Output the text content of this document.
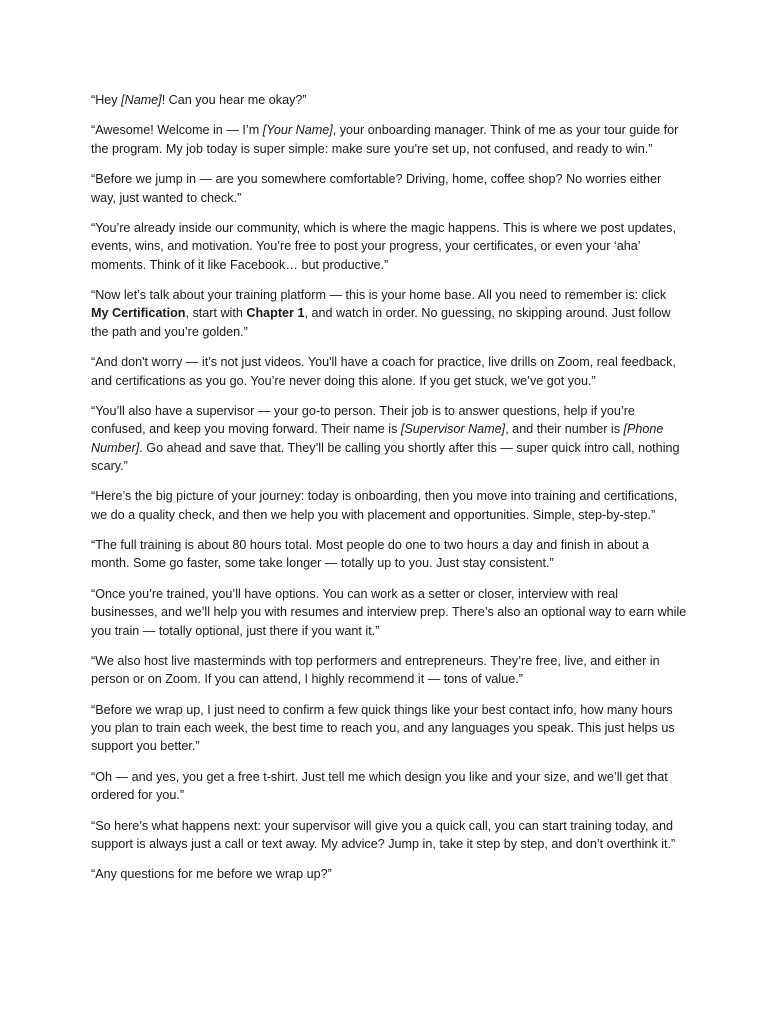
“Hey [Name]! Can you hear me okay?”

“Awesome! Welcome in — I’m [Your Name], your onboarding manager. Think of me as your tour guide for the program. My job today is super simple: make sure you’re set up, not confused, and ready to win.”

“Before we jump in — are you somewhere comfortable? Driving, home, coffee shop? No worries either way, just wanted to check.”

“You’re already inside our community, which is where the magic happens. This is where we post updates, events, wins, and motivation. You’re free to post your progress, your certificates, or even your ‘aha’ moments. Think of it like Facebook… but productive.”

“Now let’s talk about your training platform — this is your home base. All you need to remember is: click My Certification, start with Chapter 1, and watch in order. No guessing, no skipping around. Just follow the path and you’re golden.”

“And don't worry — it’s not just videos. You'll have a coach for practice, live drills on Zoom, real feedback, and certifications as you go. You’re never doing this alone. If you get stuck, we’ve got you.”

“You’ll also have a supervisor — your go-to person. Their job is to answer questions, help if you’re confused, and keep you moving forward. Their name is [Supervisor Name], and their number is [Phone Number]. Go ahead and save that. They’ll be calling you shortly after this — super quick intro call, nothing scary.”

“Here’s the big picture of your journey: today is onboarding, then you move into training and certifications, we do a quality check, and then we help you with placement and opportunities. Simple, step-by-step.”

“The full training is about 80 hours total. Most people do one to two hours a day and finish in about a month. Some go faster, some take longer — totally up to you. Just stay consistent.”

“Once you’re trained, you’ll have options. You can work as a setter or closer, interview with real businesses, and we’ll help you with resumes and interview prep. There’s also an optional way to earn while you train — totally optional, just there if you want it.”

“We also host live masterminds with top performers and entrepreneurs. They’re free, live, and either in person or on Zoom. If you can attend, I highly recommend it — tons of value.”

“Before we wrap up, I just need to confirm a few quick things like your best contact info, how many hours you plan to train each week, the best time to reach you, and any languages you speak. This just helps us support you better.”

“Oh — and yes, you get a free t-shirt. Just tell me which design you like and your size, and we’ll get that ordered for you.”

“So here’s what happens next: your supervisor will give you a quick call, you can start training today, and support is always just a call or text away. My advice? Jump in, take it step by step, and don’t overthink it.”

“Any questions for me before we wrap up?”
